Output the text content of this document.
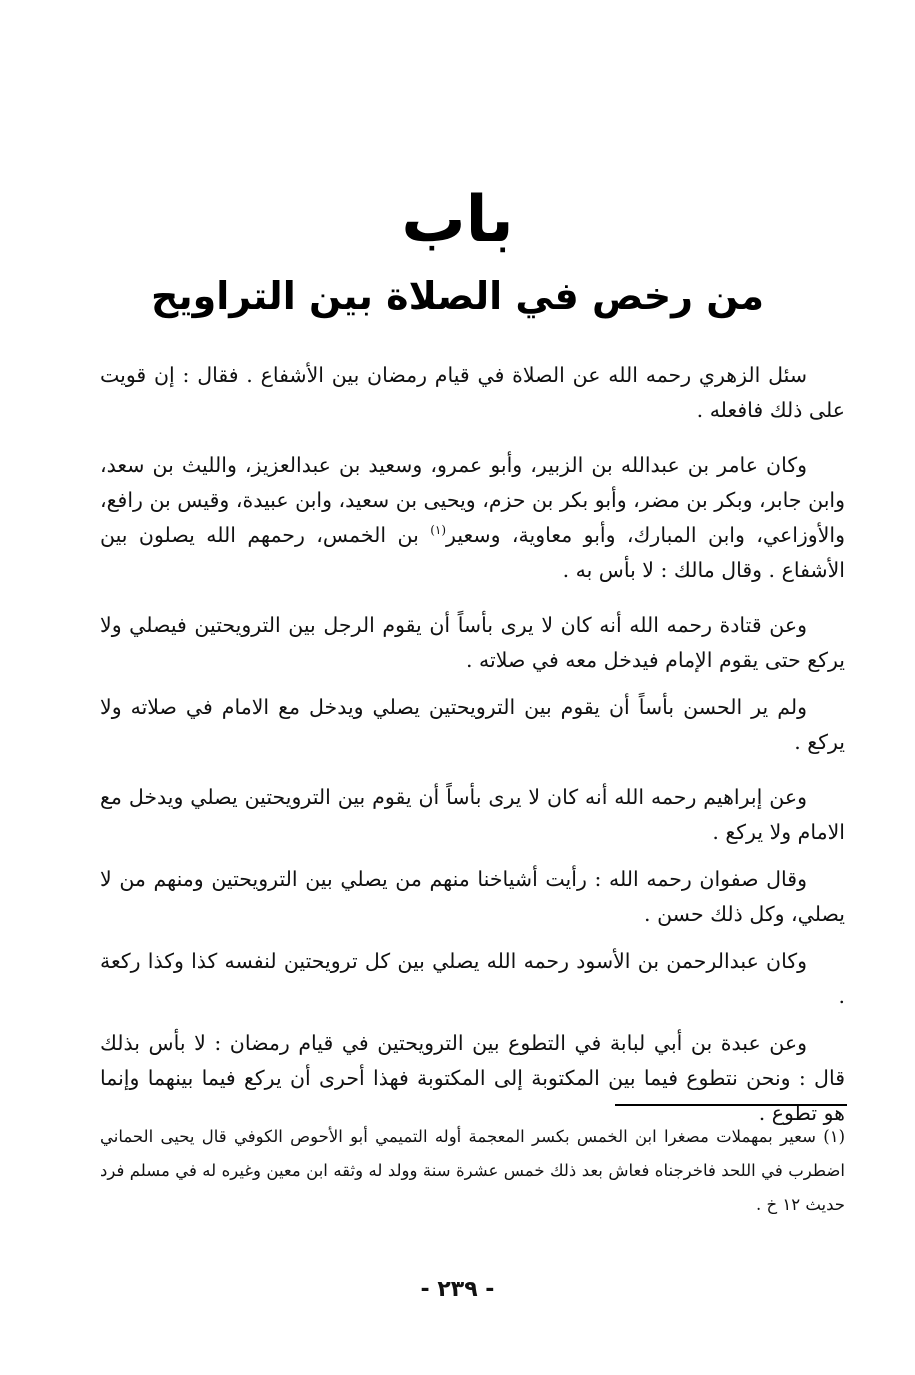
باب
من رخص في الصلاة بين التراويح

سئل الزهري رحمه الله عن الصلاة في قيام رمضان بين الأشفاع . فقال : إن قويت على ذلك فافعله .

وكان عامر بن عبدالله بن الزبير، وأبو عمرو، وسعيد بن عبدالعزيز، والليث بن سعد، وابن جابر، وبكر بن مضر، وأبو بكر بن حزم، ويحيى بن سعيد، وابن عبيدة، وقيس بن رافع، والأوزاعي، وابن المبارك، وأبو معاوية، وسعير$^{(١)}$ بن الخمس، رحمهم الله يصلون بين الأشفاع . وقال مالك : لا بأس به .

وعن قتادة رحمه الله أنه كان لا يرى بأساً أن يقوم الرجل بين الترويحتين فيصلي ولا يركع حتى يقوم الإمام فيدخل معه في صلاته .

ولم ير الحسن بأساً أن يقوم بين الترويحتين يصلي ويدخل مع الامام في صلاته ولا يركع .

وعن إبراهيم رحمه الله أنه كان لا يرى بأساً أن يقوم بين الترويحتين يصلي ويدخل مع الامام ولا يركع .

وقال صفوان رحمه الله : رأيت أشياخنا منهم من يصلي بين الترويحتين ومنهم من لا يصلي، وكل ذلك حسن .

وكان عبدالرحمن بن الأسود رحمه الله يصلي بين كل ترويحتين لنفسه كذا وكذا ركعة .

وعن عبدة بن أبي لبابة في التطوع بين الترويحتين في قيام رمضان : لا بأس بذلك قال : ونحن نتطوع فيما بين المكتوبة إلى المكتوبة فهذا أحرى أن يركع فيما بينهما وإنما هو تطوع .

(١) سعير بمهملات مصغرا ابن الخمس بكسر المعجمة أوله التميمي أبو الأحوص الكوفي قال يحيى الحماني اضطرب في اللحد فاخرجناه فعاش بعد ذلك خمس عشرة سنة وولد له وثقه ابن معين وغيره له في مسلم فرد حديث ١٢ خ .

- ٢٣٩ -
